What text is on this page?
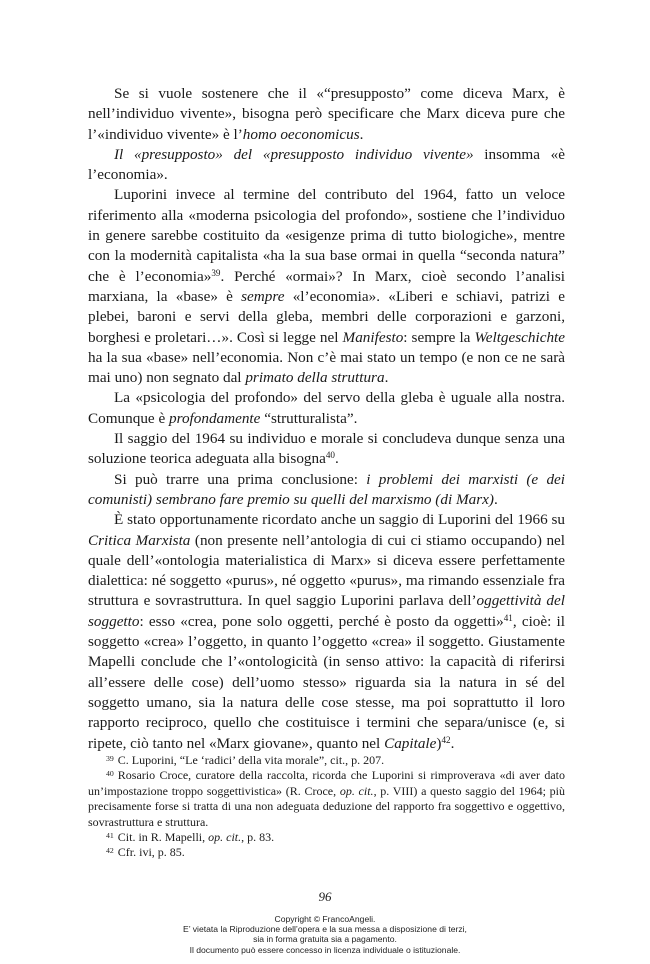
Se si vuole sostenere che il «“presupposto” come diceva Marx, è nell’individuo vivente», bisogna però specificare che Marx diceva pure che l’«individuo vivente» è l’homo oeconomicus.

Il «presupposto» del «presupposto individuo vivente» insomma «è l’economia».

Luporini invece al termine del contributo del 1964, fatto un veloce riferimento alla «moderna psicologia del profondo», sostiene che l’individuo in genere sarebbe costituito da «esigenze prima di tutto biologiche», mentre con la modernità capitalista «ha la sua base ormai in quella “seconda natura” che è l’economia»$^{39}$. Perché «ormai»? In Marx, cioè secondo l’analisi marxiana, la «base» è sempre «l’economia». «Liberi e schiavi, patrizi e plebei, baroni e servi della gleba, membri delle corporazioni e garzoni, borghesi e proletari…». Così si legge nel Manifesto: sempre la Weltgeschichte ha la sua «base» nell’economia. Non c’è mai stato un tempo (e non ce ne sarà mai uno) non segnato dal primato della struttura.

La «psicologia del profondo» del servo della gleba è uguale alla nostra. Comunque è profondamente “strutturalista”.

Il saggio del 1964 su individuo e morale si concludeva dunque senza una soluzione teorica adeguata alla bisogna$^{40}$.

Si può trarre una prima conclusione: i problemi dei marxisti (e dei comunisti) sembrano fare premio su quelli del marxismo (di Marx).

È stato opportunamente ricordato anche un saggio di Luporini del 1966 su Critica Marxista (non presente nell’antologia di cui ci stiamo occupando) nel quale dell’«ontologia materialistica di Marx» si diceva essere perfettamente dialettica: né soggetto «purus», né oggetto «purus», ma rimando essenziale fra struttura e sovrastruttura. In quel saggio Luporini parlava dell’oggettività del soggetto: esso «crea, pone solo oggetti, perché è posto da oggetti»$^{41}$, cioè: il soggetto «crea» l’oggetto, in quanto l’oggetto «crea» il soggetto. Giustamente Mapelli conclude che l’«ontologicità (in senso attivo: la capacità di riferirsi all’essere delle cose) dell’uomo stesso» riguarda sia la natura in sé del soggetto umano, sia la natura delle cose stesse, ma poi soprattutto il loro rapporto reciproco, quello che costituisce i termini che separa/unisce (e, si ripete, ciò tanto nel «Marx giovane», quanto nel Capitale)$^{42}$.

$^{39}$ C. Luporini, “Le ‘radici’ della vita morale”, cit., p. 207.

$^{40}$ Rosario Croce, curatore della raccolta, ricorda che Luporini si rimproverava «di aver dato un’impostazione troppo soggettivistica» (R. Croce, op. cit., p. VIII) a questo saggio del 1964; più precisamente forse si tratta di una non adeguata deduzione del rapporto fra soggettivo e oggettivo, sovrastruttura e struttura.

$^{41}$ Cit. in R. Mapelli, op. cit., p. 83.

$^{42}$ Cfr. ivi, p. 85.

96
Copyright © FrancoAngeli.
E’ vietata la Riproduzione dell’opera e la sua messa a disposizione di terzi,
sia in forma gratuita sia a pagamento.
Il documento può essere concesso in licenza individuale o istituzionale.
